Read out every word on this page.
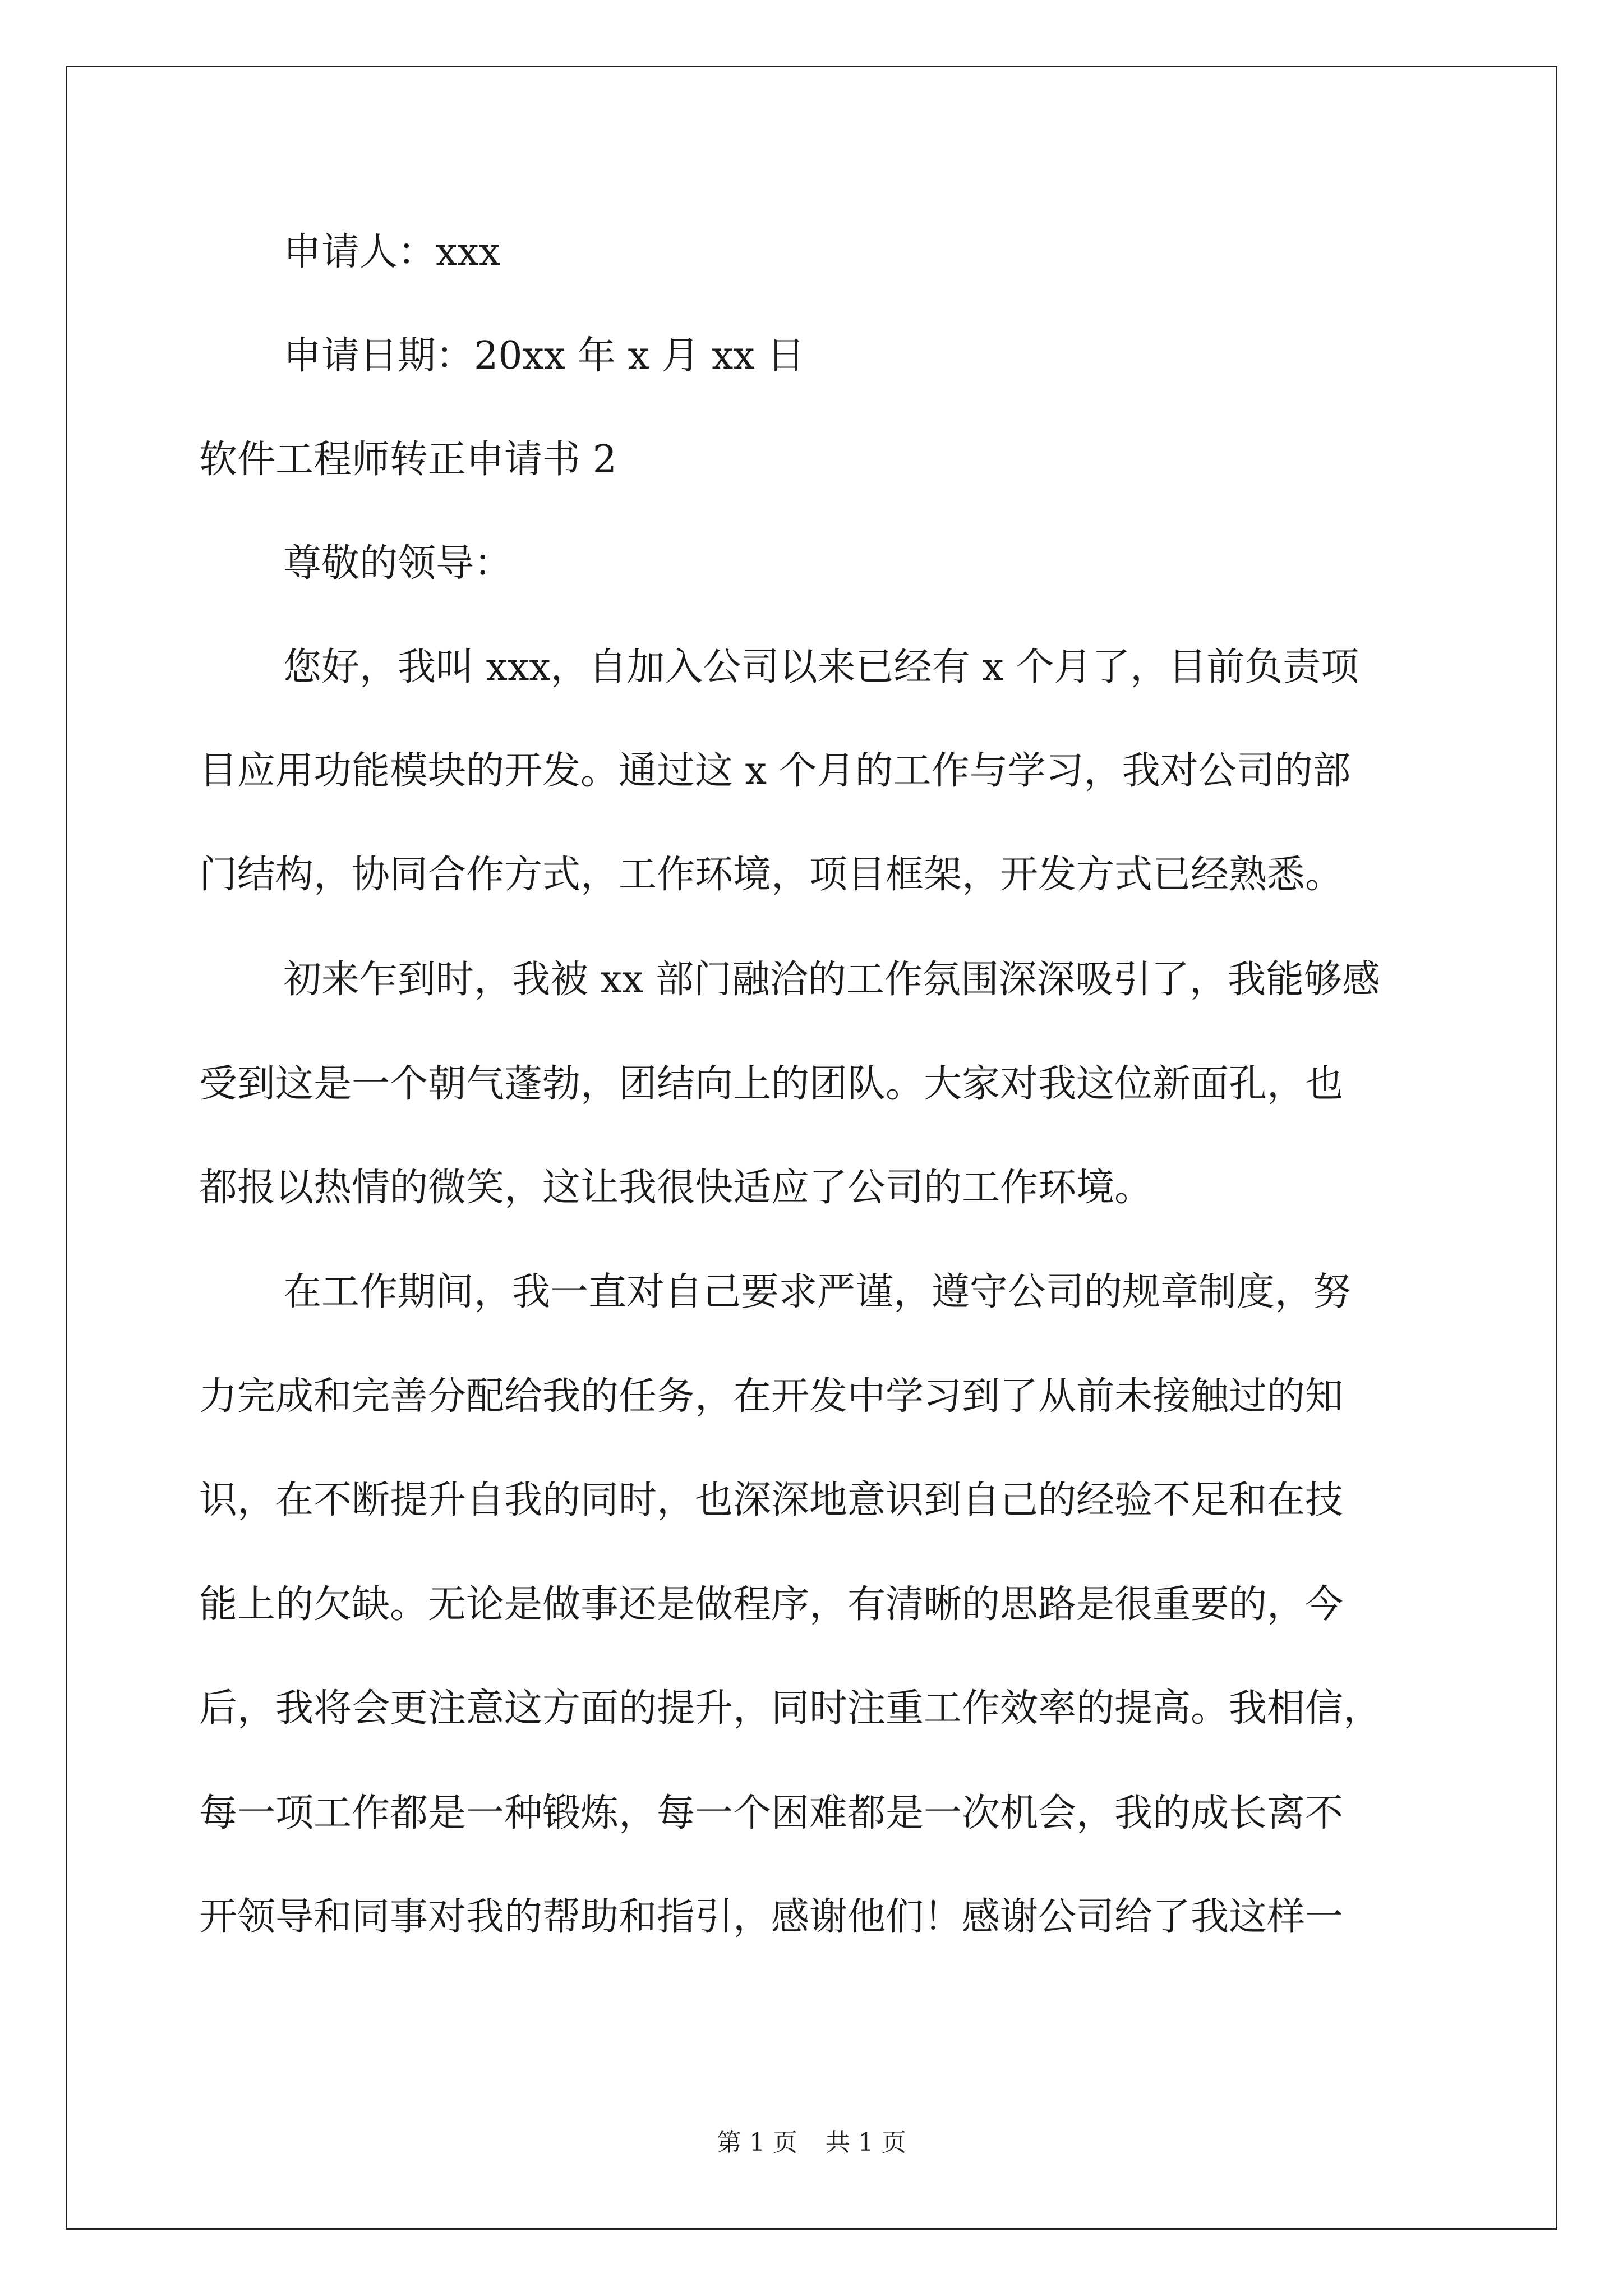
申请人：xxx
申请日期：20xx 年 x 月 xx 日
软件工程师转正申请书 2
尊敬的领导：
您好，我叫 xxx，自加入公司以来已经有 x 个月了，目前负责项
目应用功能模块的开发。通过这 x 个月的工作与学习，我对公司的部
门结构，协同合作方式，工作环境，项目框架，开发方式已经熟悉。
初来乍到时，我被 xx 部门融洽的工作氛围深深吸引了，我能够感
受到这是一个朝气蓬勃，团结向上的团队。大家对我这位新面孔，也
都报以热情的微笑，这让我很快适应了公司的工作环境。
在工作期间，我一直对自己要求严谨，遵守公司的规章制度，努
力完成和完善分配给我的任务，在开发中学习到了从前未接触过的知
识，在不断提升自我的同时，也深深地意识到自己的经验不足和在技
能上的欠缺。无论是做事还是做程序，有清晰的思路是很重要的，今
后，我将会更注意这方面的提升，同时注重工作效率的提高。我相信，
每一项工作都是一种锻炼，每一个困难都是一次机会，我的成长离不
开领导和同事对我的帮助和指引，感谢他们！感谢公司给了我这样一
第 1 页 共 1 页
